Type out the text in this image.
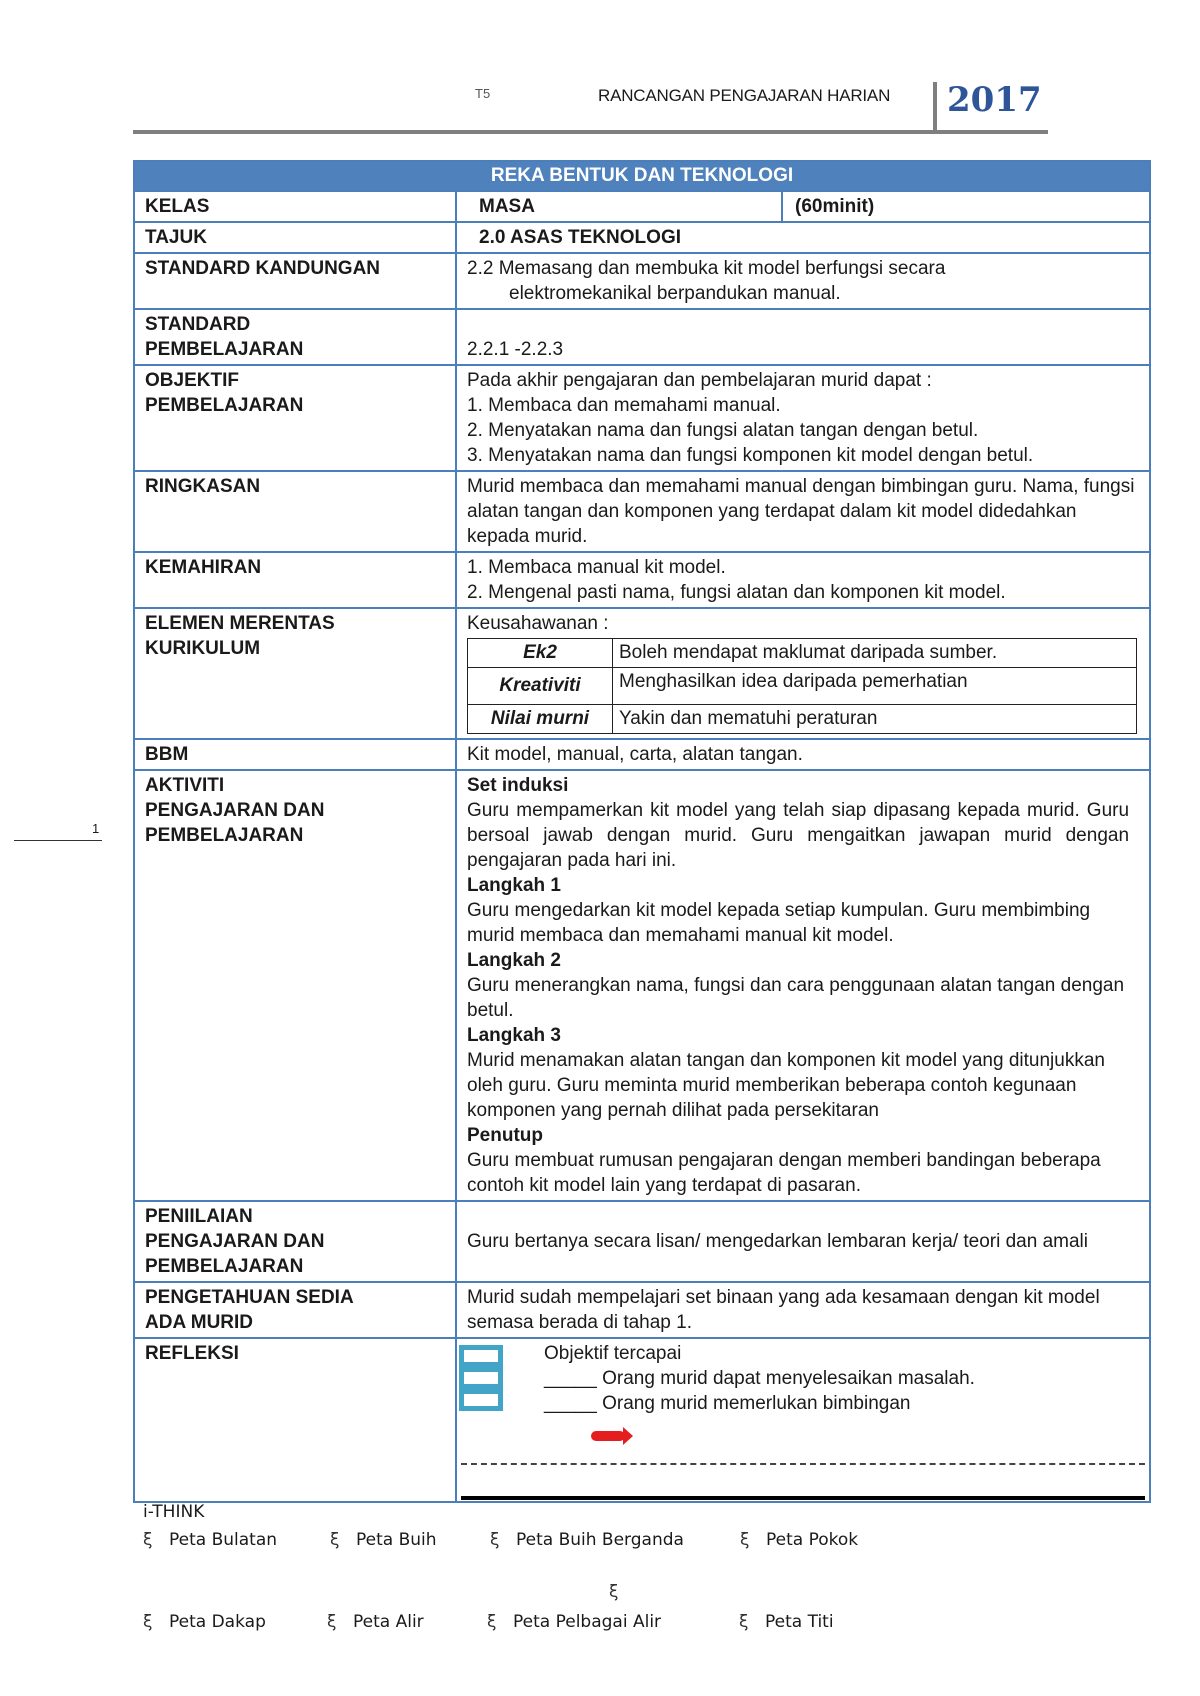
T5	RANCANGAN PENGAJARAN HARIAN 2017
1
REKA BENTUK DAN TEKNOLOGI
KELAS	MASA	(60minit)
TAJUK	2.0 ASAS TEKNOLOGI
STANDARD KANDUNGAN	2.2 Memasang dan membuka kit model berfungsi secara
elektromekanikal berpandukan manual.

STANDARD
PEMBELAJARAN	2.2.1 -2.2.3

OBJEKTIF
PEMBELAJARAN

Pada akhir pengajaran dan pembelajaran murid dapat :
1. Membaca dan memahami manual.
2. Menyatakan nama dan fungsi alatan tangan dengan betul.
3. Menyatakan nama dan fungsi komponen kit model dengan betul.

RINGKASAN	Murid membaca dan memahami manual dengan bimbingan guru. Nama, fungsi alatan tangan dan komponen yang terdapat dalam kit model didedahkan kepada murid.
KEMAHIRAN	1. Membaca manual kit model.
2. Mengenal pasti nama, fungsi alatan dan komponen kit model.

ELEMEN MERENTAS
KURIKULUM

Keusahawanan :
Ek2	Boleh mendapat maklumat daripada sumber.
Kreativiti	Menghasilkan idea daripada pemerhatian
Nilai murni	Yakin dan mematuhi peraturan

BBM	Kit model, manual, carta, alatan tangan.

AKTIVITI
PENGAJARAN DAN
PEMBELAJARAN

Set induksi
Guru mempamerkan kit model yang telah siap dipasang kepada murid. Guru bersoal jawab dengan murid. Guru mengaitkan jawapan murid dengan pengajaran pada hari ini.
Langkah 1
Guru mengedarkan kit model kepada setiap kumpulan. Guru membimbing murid membaca dan memahami manual kit model.
Langkah 2
Guru menerangkan nama, fungsi dan cara penggunaan alatan tangan dengan betul.
Langkah 3
Murid menamakan alatan tangan dan komponen kit model yang ditunjukkan oleh guru. Guru meminta murid memberikan beberapa contoh kegunaan komponen yang pernah dilihat pada persekitaran
Penutup
Guru membuat rumusan pengajaran dengan memberi bandingan beberapa contoh kit model lain yang terdapat di pasaran.

PENIILAIAN
PENGAJARAN DAN
PEMBELAJARAN
	Guru bertanya secara lisan/ mengedarkan lembaran kerja/ teori dan amali

PENGETAHUAN SEDIA
ADA MURID
	Murid sudah mempelajari set binaan yang ada kesamaan dengan kit model semasa berada di tahap 1.
REFLEKSI	Objektif tercapai
_____ Orang murid dapat menyelesaikan masalah.
_____ Orang murid memerlukan bimbingan
i-THINK
ξ Peta Bulatan	ξ Peta Buih	ξ Peta Buih Berganda	ξ Peta Pokok
ξ
ξ Peta Dakap	ξ Peta Alir	ξ Peta Pelbagai Alir	ξ Peta Titi
